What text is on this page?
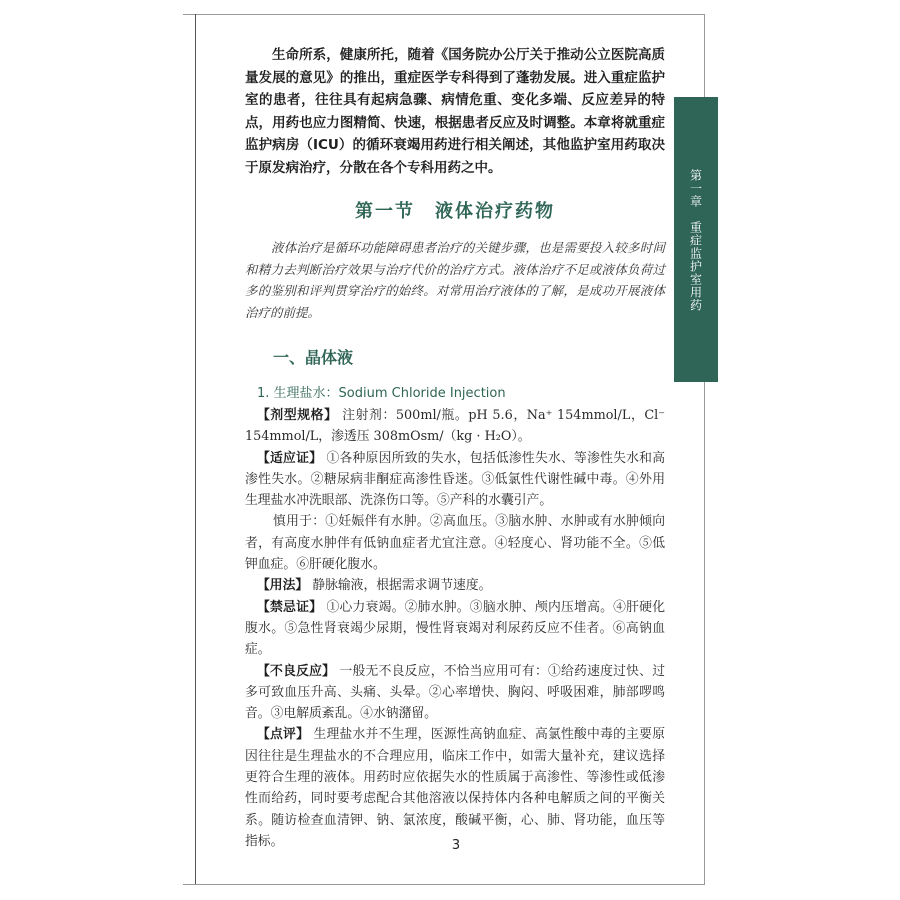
第一章　重症监护室用药

生命所系，健康所托，随着《国务院办公厅关于推动公立医院高质量发展的意见》的推出，重症医学专科得到了蓬勃发展。进入重症监护室的患者，往往具有起病急骤、病情危重、变化多端、反应差异的特点，用药也应力图精简、快速，根据患者反应及时调整。本章将就重症监护病房（ICU）的循环衰竭用药进行相关阐述，其他监护室用药取决于原发病治疗，分散在各个专科用药之中。

第一节　液体治疗药物

液体治疗是循环功能障碍患者治疗的关键步骤，也是需要投入较多时间和精力去判断治疗效果与治疗代价的治疗方式。液体治疗不足或液体负荷过多的鉴别和评判贯穿治疗的始终。对常用治疗液体的了解，是成功开展液体治疗的前提。

一、晶体液
1. 生理盐水：Sodium Chloride Injection

【剂型规格】 注射剂：500ml/瓶。pH 5.6，Na⁺ 154mmol/L，Cl⁻ 154mmol/L，渗透压 308mOsm/（kg · H₂O）。

【适应证】 ①各种原因所致的失水，包括低渗性失水、等渗性失水和高渗性失水。②糖尿病非酮症高渗性昏迷。③低氯性代谢性碱中毒。④外用生理盐水冲洗眼部、洗涤伤口等。⑤产科的水囊引产。

慎用于：①妊娠伴有水肿。②高血压。③脑水肿、水肿或有水肿倾向者，有高度水肿伴有低钠血症者尤宜注意。④轻度心、肾功能不全。⑤低钾血症。⑥肝硬化腹水。

【用法】 静脉输液，根据需求调节速度。

【禁忌证】 ①心力衰竭。②肺水肿。③脑水肿、颅内压增高。④肝硬化腹水。⑤急性肾衰竭少尿期，慢性肾衰竭对利尿药反应不佳者。⑥高钠血症。

【不良反应】 一般无不良反应，不恰当应用可有：①给药速度过快、过多可致血压升高、头痛、头晕。②心率增快、胸闷、呼吸困难，肺部啰鸣音。③电解质紊乱。④水钠潴留。

【点评】 生理盐水并不生理，医源性高钠血症、高氯性酸中毒的主要原因往往是生理盐水的不合理应用，临床工作中，如需大量补充，建议选择更符合生理的液体。用药时应依据失水的性质属于高渗性、等渗性或低渗性而给药，同时要考虑配合其他溶液以保持体内各种电解质之间的平衡关系。随访检查血清钾、钠、氯浓度，酸碱平衡，心、肺、肾功能，血压等指标。	3
